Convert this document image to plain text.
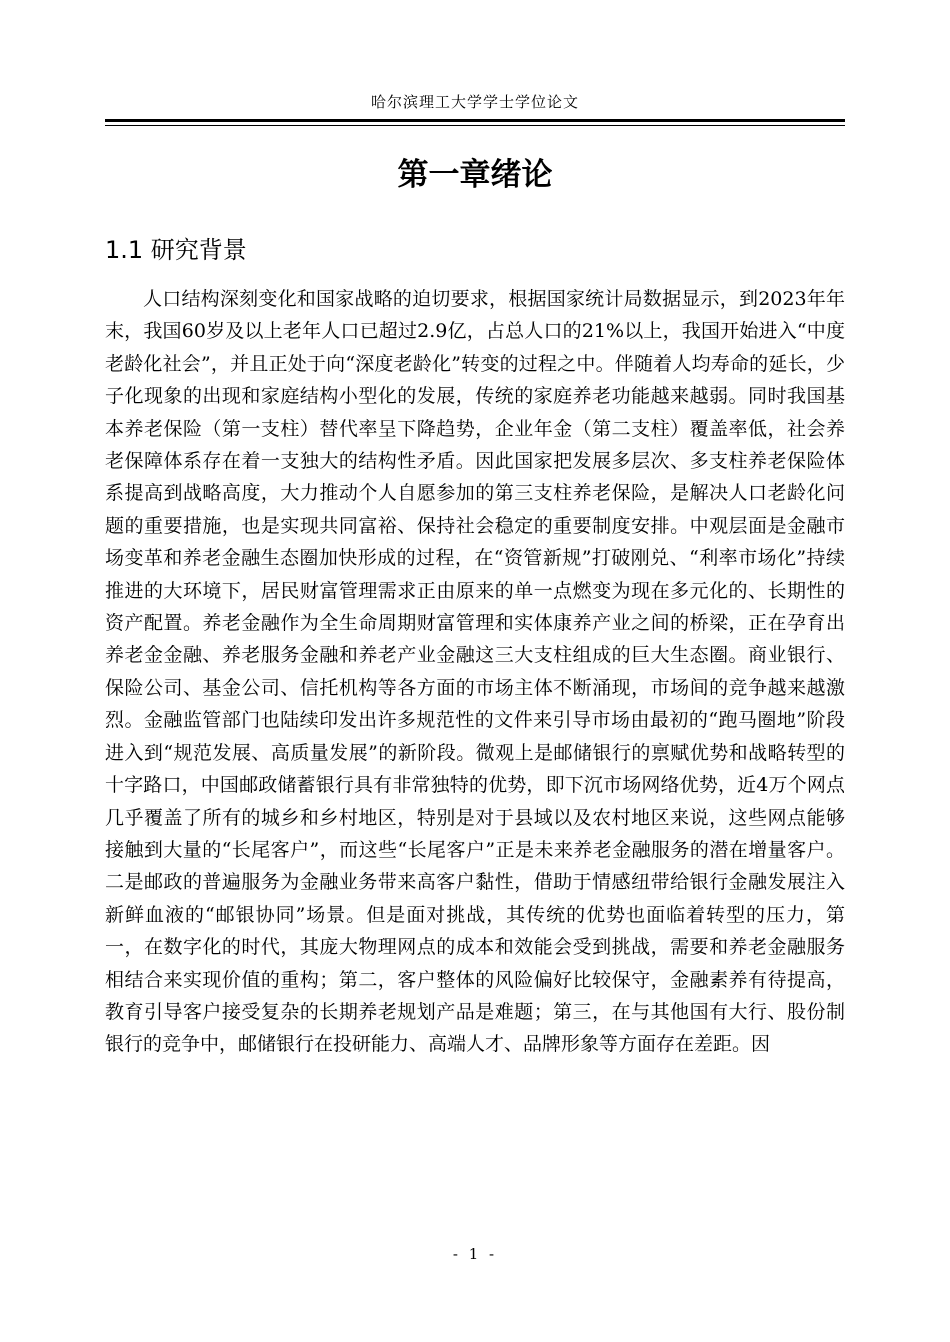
哈尔滨理工大学学士学位论文
第一章绪论
1.1 研究背景

人口结构深刻变化和国家战略的迫切要求，根据国家统计局数据显示，到2023年年末，我国60岁及以上老年人口已超过2.9亿，占总人口的21%以上，我国开始进入“中度老龄化社会”，并且正处于向“深度老龄化”转变的过程之中。伴随着人均寿命的延长，少子化现象的出现和家庭结构小型化的发展，传统的家庭养老功能越来越弱。同时我国基本养老保险（第一支柱）替代率呈下降趋势，企业年金（第二支柱）覆盖率低，社会养老保障体系存在着一支独大的结构性矛盾。因此国家把发展多层次、多支柱养老保险体系提高到战略高度，大力推动个人自愿参加的第三支柱养老保险，是解决人口老龄化问题的重要措施，也是实现共同富裕、保持社会稳定的重要制度安排。中观层面是金融市场变革和养老金融生态圈加快形成的过程，在“资管新规”打破刚兑、“利率市场化”持续推进的大环境下，居民财富管理需求正由原来的单一点燃变为现在多元化的、长期性的资产配置。养老金融作为全生命周期财富管理和实体康养产业之间的桥梁，正在孕育出养老金金融、养老服务金融和养老产业金融这三大支柱组成的巨大生态圈。商业银行、保险公司、基金公司、信托机构等各方面的市场主体不断涌现，市场间的竞争越来越激烈。金融监管部门也陆续印发出许多规范性的文件来引导市场由最初的“跑马圈地”阶段进入到“规范发展、高质量发展”的新阶段。微观上是邮储银行的禀赋优势和战略转型的十字路口，中国邮政储蓄银行具有非常独特的优势，即下沉市场网络优势，近4万个网点几乎覆盖了所有的城乡和乡村地区，特别是对于县域以及农村地区来说，这些网点能够接触到大量的“长尾客户”，而这些“长尾客户”正是未来养老金融服务的潜在增量客户。二是邮政的普遍服务为金融业务带来高客户黏性，借助于情感纽带给银行金融发展注入新鲜血液的“邮银协同”场景。但是面对挑战，其传统的优势也面临着转型的压力，第一，在数字化的时代，其庞大物理网点的成本和效能会受到挑战，需要和养老金融服务相结合来实现价值的重构；第二，客户整体的风险偏好比较保守，金融素养有待提高，教育引导客户接受复杂的长期养老规划产品是难题；第三，在与其他国有大行、股份制银行的竞争中，邮储银行在投研能力、高端人才、品牌形象等方面存在差距。因

- 1 -
